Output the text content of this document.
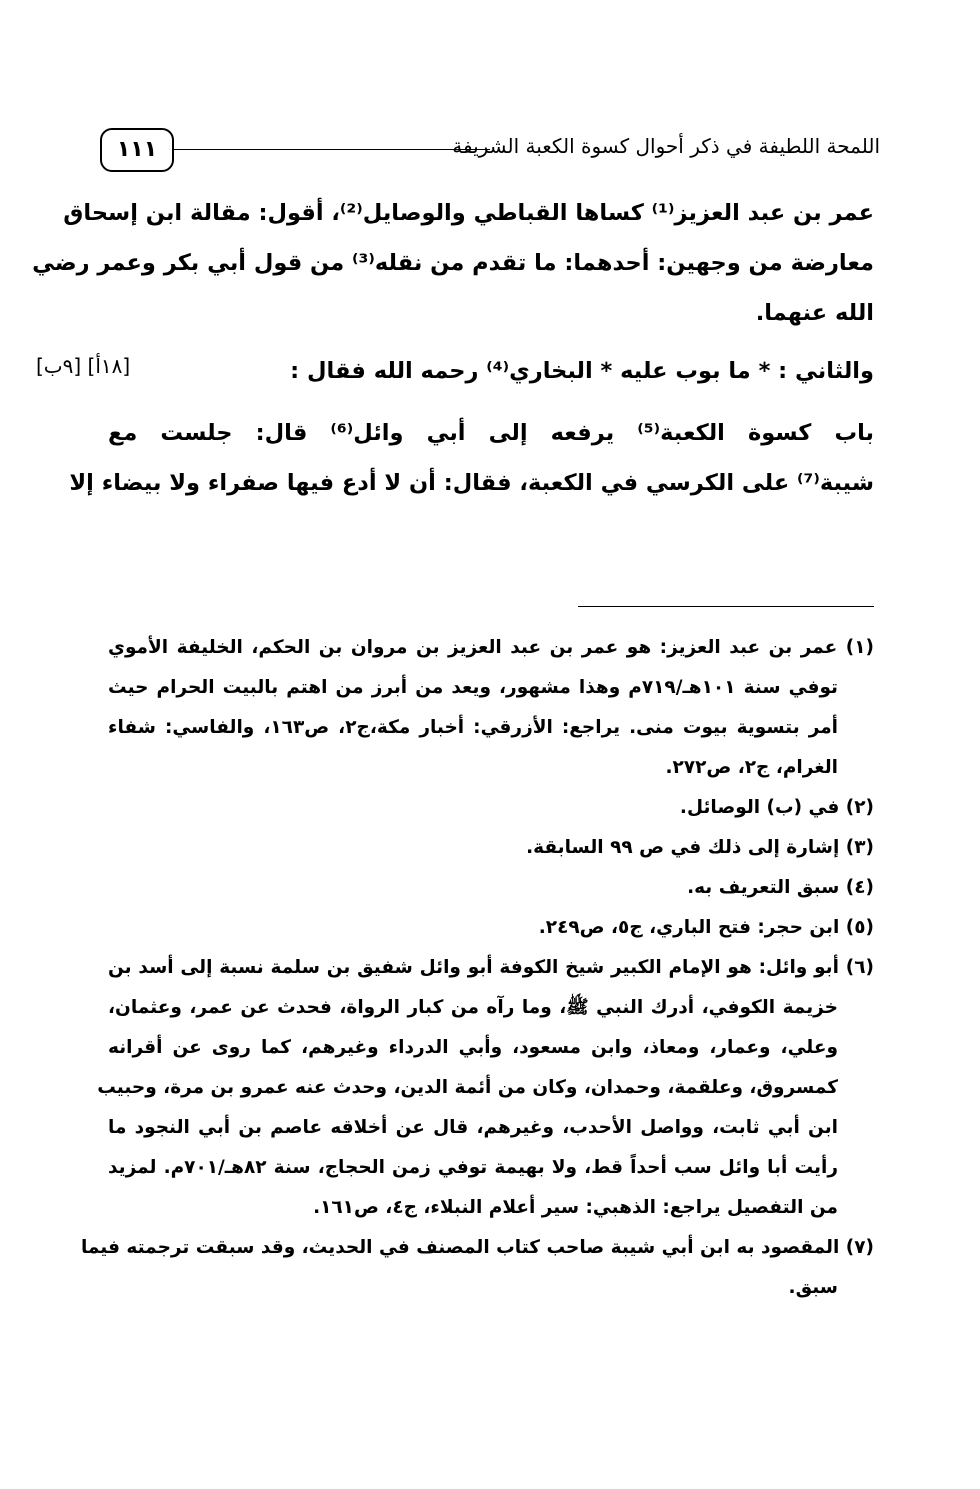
١١١	اللمحة اللطيفة في ذكر أحوال كسوة الكعبة الشريفة
[١٨أ] [٩ب]
عمر بن عبد العزيز⁽¹⁾ كساها القباطي والوصايل⁽²⁾، أقول: مقالة ابن إسحاق
معارضة من وجهين: أحدهما: ما تقدم من نقله⁽³⁾ من قول أبي بكر وعمر رضي
الله عنهما.
والثاني : * ما بوب عليه * البخاري⁽⁴⁾ رحمه الله فقال :
باب كسوة الكعبة⁽⁵⁾ يرفعه إلى أبي وائل⁽⁶⁾ قال: جلست مع
شيبة⁽⁷⁾ على الكرسي في الكعبة، فقال: أن لا أدع فيها صفراء ولا بيضاء إلا
(١) عمر بن عبد العزيز: هو عمر بن عبد العزيز بن مروان بن الحكم، الخليفة الأموي
توفي سنة ١٠١هـ/٧١٩م وهذا مشهور، ويعد من أبرز من اهتم بالبيت الحرام حيث
أمر بتسوية بيوت منى. يراجع: الأزرقي: أخبار مكة،ج٢، ص١٦٣، والفاسي: شفاء
الغرام، ج٢، ص٢٧٢.
(٢) في (ب) الوصائل.
(٣) إشارة إلى ذلك في ص ٩٩ السابقة.
(٤) سبق التعريف به.
(٥) ابن حجر: فتح الباري، ج٥، ص٢٤٩.
(٦) أبو وائل: هو الإمام الكبير شيخ الكوفة أبو وائل شفيق بن سلمة نسبة إلى أسد بن
خزيمة الكوفي، أدرك النبي ﷺ، وما رآه من كبار الرواة، فحدث عن عمر، وعثمان،
وعلي، وعمار، ومعاذ، وابن مسعود، وأبي الدرداء وغيرهم، كما روى عن أقرانه
كمسروق، وعلقمة، وحمدان، وكان من أئمة الدين، وحدث عنه عمرو بن مرة، وحبيب
ابن أبي ثابت، وواصل الأحدب، وغيرهم، قال عن أخلاقه عاصم بن أبي النجود ما
رأيت أبا وائل سب أحداً قط، ولا بهيمة توفي زمن الحجاج، سنة ٨٢هـ/٧٠١م. لمزيد
من التفصيل يراجع: الذهبي: سير أعلام النبلاء، ج٤، ص١٦١.
(٧) المقصود به ابن أبي شيبة صاحب كتاب المصنف في الحديث، وقد سبقت ترجمته فيما
سبق.
